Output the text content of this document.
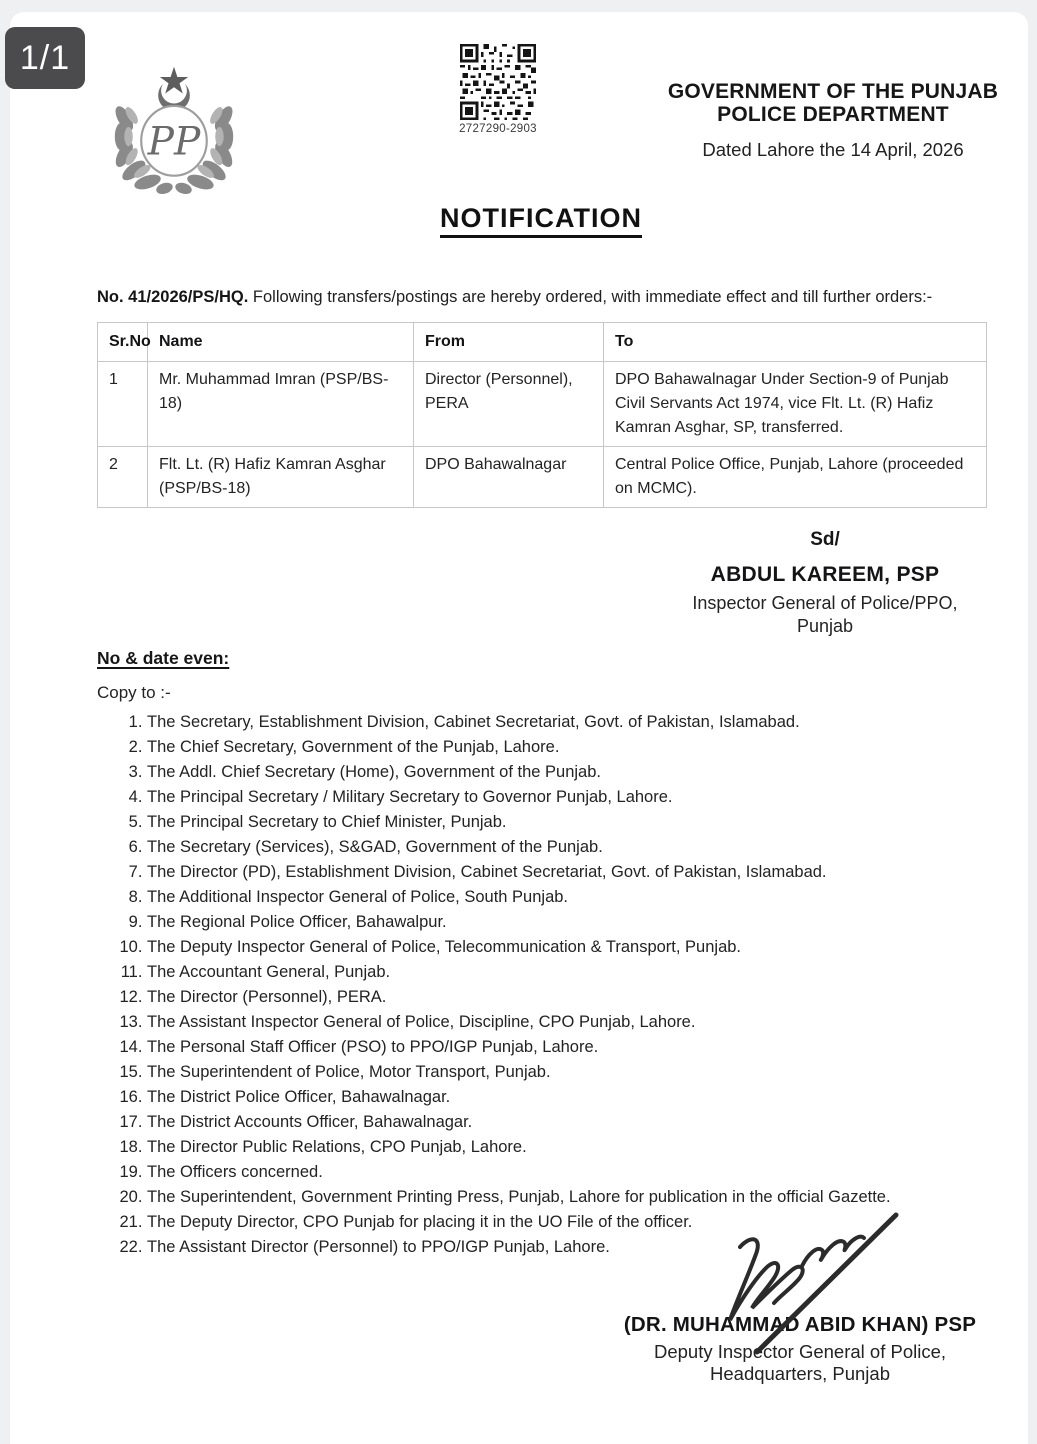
1/1
PP	2727290-2903
GOVERNMENT OF THE PUNJAB
POLICE DEPARTMENT
Dated Lahore the 14 April, 2026
NOTIFICATION
No. 41/2026/PS/HQ. Following transfers/postings are hereby ordered, with immediate effect and till further orders:-
Sr.No	Name	From	To
1	Mr. Muhammad Imran (PSP/BS-18)	Director (Personnel), PERA	DPO Bahawalnagar Under Section-9 of Punjab Civil Servants Act 1974, vice Flt. Lt. (R) Hafiz Kamran Asghar, SP, transferred.
2	Flt. Lt. (R) Hafiz Kamran Asghar (PSP/BS-18)	DPO Bahawalnagar	Central Police Office, Punjab, Lahore (proceeded on MCMC).
Sd/
ABDUL KAREEM, PSP
Inspector General of Police/PPO,
Punjab
No & date even:
Copy to :-
1. The Secretary, Establishment Division, Cabinet Secretariat, Govt. of Pakistan, Islamabad.
2. The Chief Secretary, Government of the Punjab, Lahore.
3. The Addl. Chief Secretary (Home), Government of the Punjab.
4. The Principal Secretary / Military Secretary to Governor Punjab, Lahore.
5. The Principal Secretary to Chief Minister, Punjab.
6. The Secretary (Services), S&GAD, Government of the Punjab.
7. The Director (PD), Establishment Division, Cabinet Secretariat, Govt. of Pakistan, Islamabad.
8. The Additional Inspector General of Police, South Punjab.
9. The Regional Police Officer, Bahawalpur.
10. The Deputy Inspector General of Police, Telecommunication & Transport, Punjab.
11. The Accountant General, Punjab.
12. The Director (Personnel), PERA.
13. The Assistant Inspector General of Police, Discipline, CPO Punjab, Lahore.
14. The Personal Staff Officer (PSO) to PPO/IGP Punjab, Lahore.
15. The Superintendent of Police, Motor Transport, Punjab.
16. The District Police Officer, Bahawalnagar.
17. The District Accounts Officer, Bahawalnagar.
18. The Director Public Relations, CPO Punjab, Lahore.
19. The Officers concerned.
20. The Superintendent, Government Printing Press, Punjab, Lahore for publication in the official Gazette.
21. The Deputy Director, CPO Punjab for placing it in the UO File of the officer.
22. The Assistant Director (Personnel) to PPO/IGP Punjab, Lahore.
(DR. MUHAMMAD ABID KHAN) PSP
Deputy Inspector General of Police,
Headquarters, Punjab
